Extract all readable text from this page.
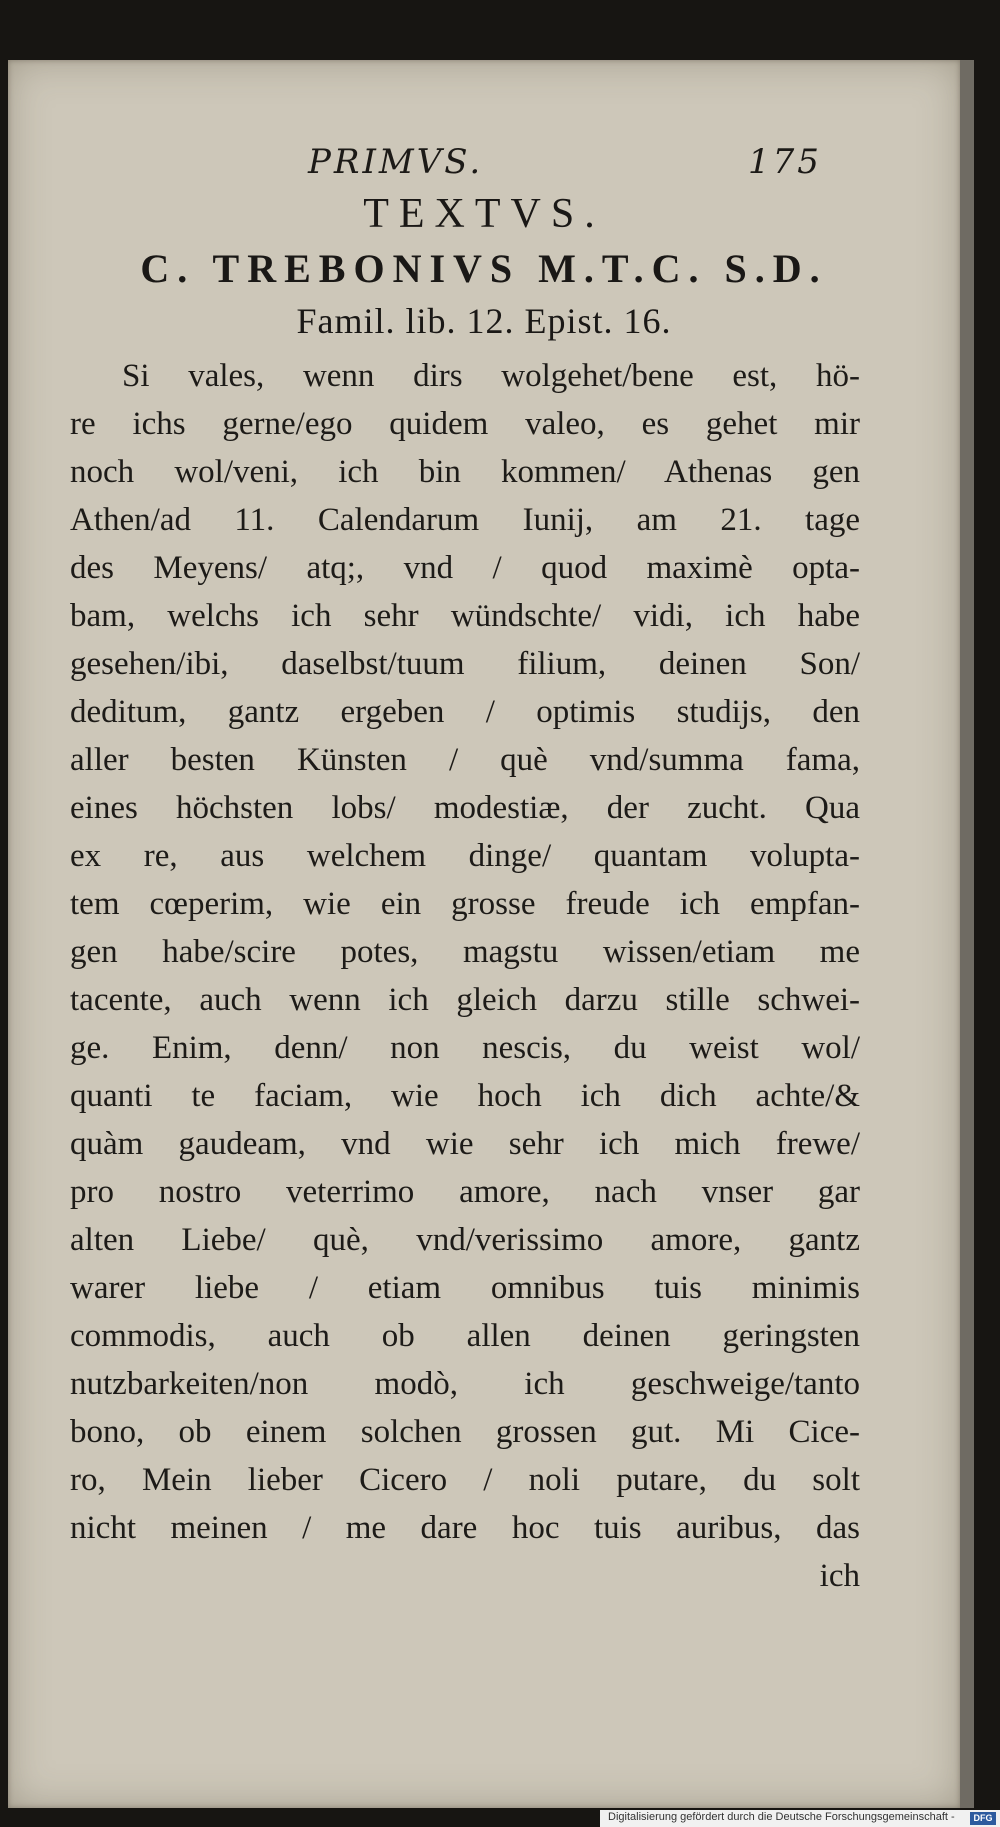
PRIMVS.	175
TEXTVS.
C. TREBONIVS M.T.C. S.D.
Famil. lib. 12. Epist. 16.
Si vales, wenn dirs wolgehet/bene est, hö-
re ichs gerne/ego quidem valeo, es gehet mir
noch wol/veni, ich bin kommen/ Athenas gen
Athen/ad 11. Calendarum Iunij, am 21. tage
des Meyens/ atq;, vnd / quod maximè opta-
bam, welchs ich sehr wündschte/ vidi, ich habe
gesehen/ibi, daselbst/tuum filium, deinen Son/
deditum, gantz ergeben / optimis studijs, den
aller besten Künsten / què vnd/summa fama,
eines höchsten lobs/ modestiæ, der zucht. Qua
ex re, aus welchem dinge/ quantam volupta-
tem cœperim, wie ein grosse freude ich empfan-
gen habe/scire potes, magstu wissen/etiam me
tacente, auch wenn ich gleich darzu stille schwei-
ge. Enim, denn/ non nescis, du weist wol/
quanti te faciam, wie hoch ich dich achte/&
quàm gaudeam, vnd wie sehr ich mich frewe/
pro nostro veterrimo amore, nach vnser gar
alten Liebe/ què, vnd/verissimo amore, gantz
warer liebe / etiam omnibus tuis minimis
commodis, auch ob allen deinen geringsten
nutzbarkeiten/non modò, ich geschweige/tanto
bono, ob einem solchen grossen gut. Mi Cice-
ro, Mein lieber Cicero / noli putare, du solt
nicht meinen / me dare hoc tuis auribus, das
ich
Digitalisierung gefördert durch die Deutsche Forschungsgemeinschaft -	DFG
